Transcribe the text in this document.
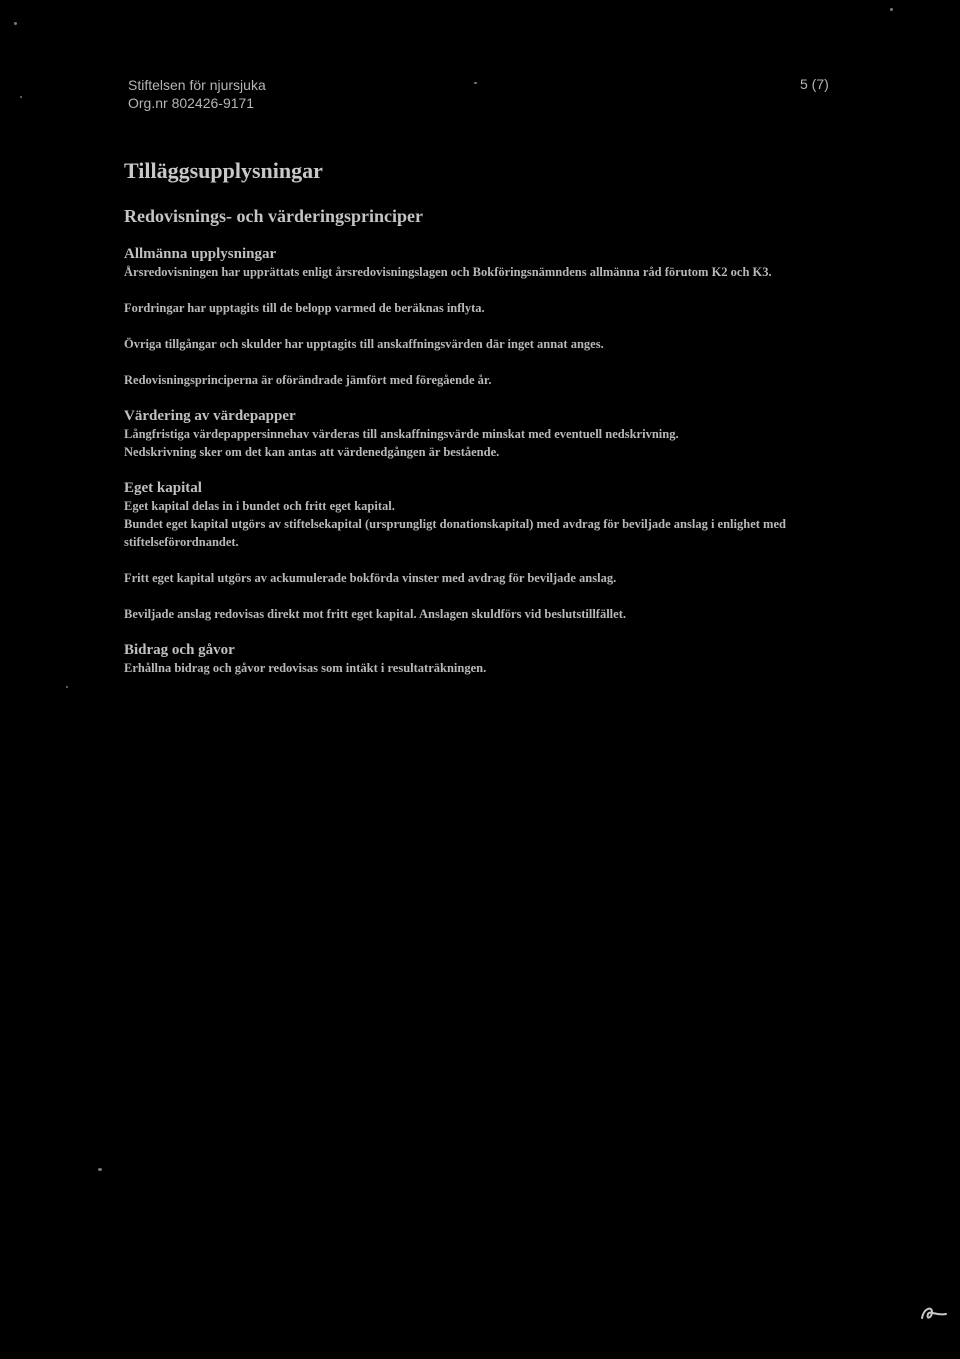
Stiftelsen för njursjuka
Org.nr 802426-9171
5 (7)
Tilläggsupplysningar
Redovisnings- och värderingsprinciper
Allmänna upplysningar

Årsredovisningen har upprättats enligt årsredovisningslagen och Bokföringsnämndens allmänna råd förutom K2 och K3.

Fordringar har upptagits till de belopp varmed de beräknas inflyta.

Övriga tillgångar och skulder har upptagits till anskaffningsvärden där inget annat anges.

Redovisningsprinciperna är oförändrade jämfört med föregående år.

Värdering av värdepapper

Långfristiga värdepappersinnehav värderas till anskaffningsvärde minskat med eventuell nedskrivning.

Nedskrivning sker om det kan antas att värdenedgången är bestående.

Eget kapital

Eget kapital delas in i bundet och fritt eget kapital.

Bundet eget kapital utgörs av stiftelsekapital (ursprungligt donationskapital) med avdrag för beviljade anslag i enlighet med stiftelseförordnandet.

Fritt eget kapital utgörs av ackumulerade bokförda vinster med avdrag för beviljade anslag.

Beviljade anslag redovisas direkt mot fritt eget kapital. Anslagen skuldförs vid beslutstillfället.

Bidrag och gåvor

Erhållna bidrag och gåvor redovisas som intäkt i resultaträkningen.
